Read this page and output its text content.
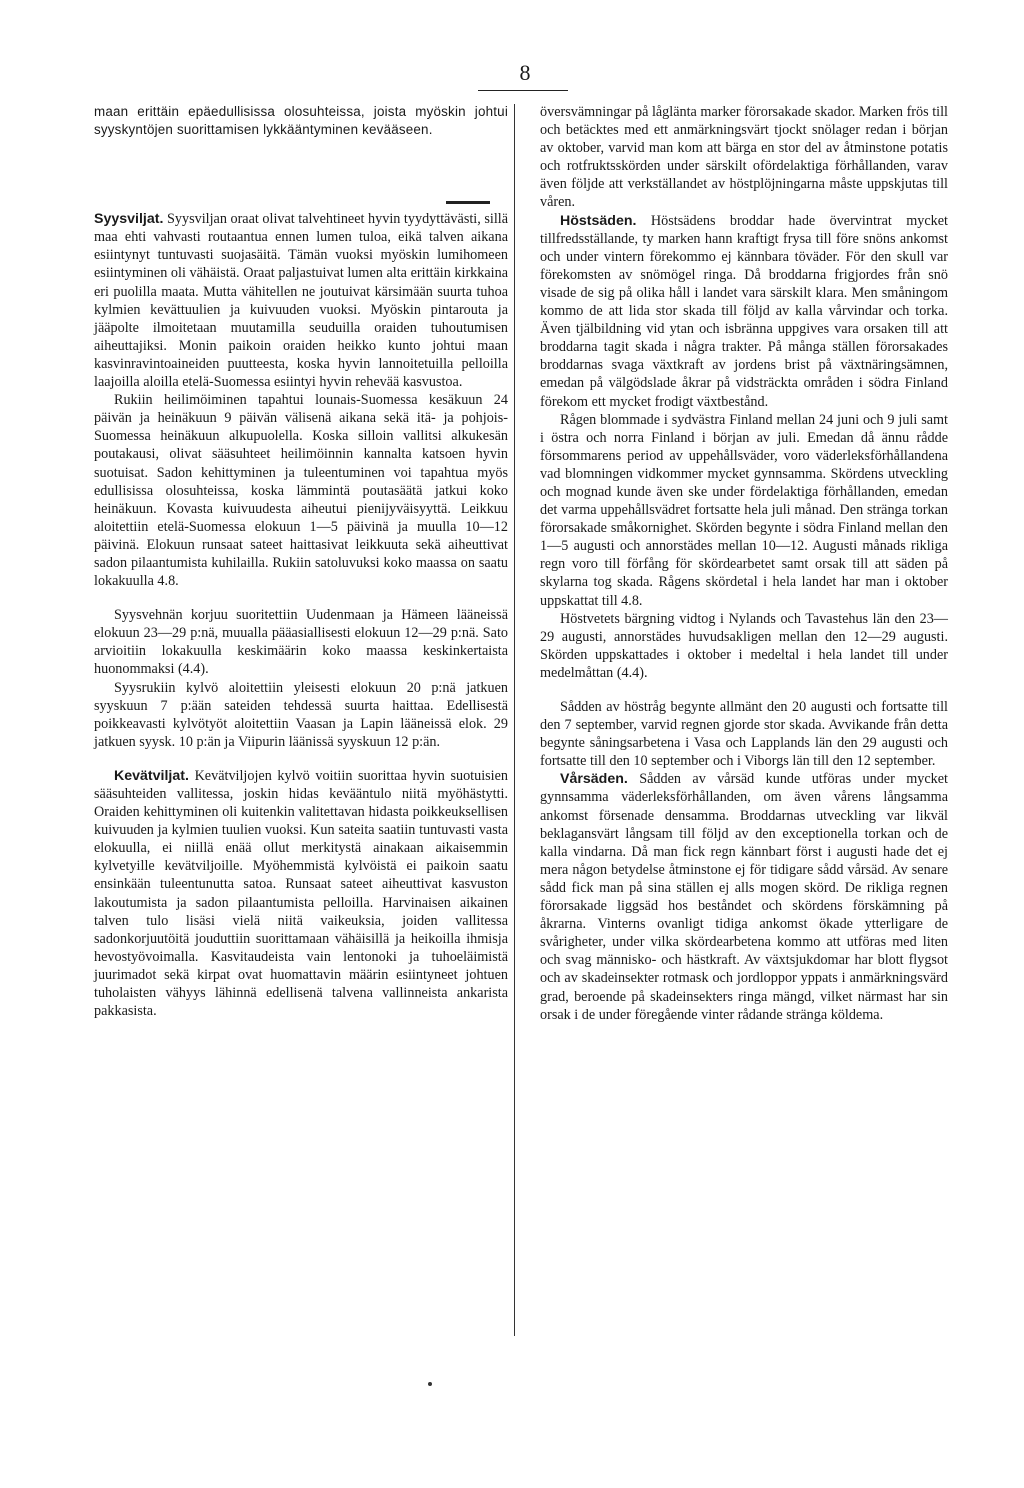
8

maan erittäin epäedullisissa olosuhteissa, joista myöskin johtui syyskyntöjen suorittamisen lykkääntyminen kevääseen.

Syysviljat. Syysviljan oraat olivat talvehtineet hyvin tyydyttävästi, sillä maa ehti vahvasti routaantua ennen lumen tuloa, eikä talven aikana esiintynyt tuntuvasti suojasäitä. Tämän vuoksi myöskin lumihomeen esiintyminen oli vähäistä. Oraat paljastuivat lumen alta erittäin kirkkaina eri puolilla maata. Mutta vähitellen ne joutuivat kärsimään suurta tuhoa kylmien kevättuulien ja kuivuuden vuoksi. Myöskin pintarouta ja jääpolte ilmoitetaan muutamilla seuduilla oraiden tuhoutumisen aiheuttajiksi. Monin paikoin oraiden heikko kunto johtui maan kasvinravintoaineiden puutteesta, koska hyvin lannoitetuilla pelloilla laajoilla aloilla etelä-Suomessa esiintyi hyvin rehevää kasvustoa.

Rukiin heilimöiminen tapahtui lounais-Suomessa kesäkuun 24 päivän ja heinäkuun 9 päivän välisenä aikana sekä itä- ja pohjois-Suomessa heinäkuun alkupuolella. Koska silloin vallitsi alkukesän poutakausi, olivat sääsuhteet heilimöinnin kannalta katsoen hyvin suotuisat. Sadon kehittyminen ja tuleentuminen voi tapahtua myös edullisissa olosuhteissa, koska lämmintä poutasäätä jatkui koko heinäkuun. Kovasta kuivuudesta aiheutui pienijyväisyyttä. Leikkuu aloitettiin etelä-Suomessa elokuun 1—5 päivinä ja muulla 10—12 päivinä. Elokuun runsaat sateet haittasivat leikkuuta sekä aiheuttivat sadon pilaantumista kuhilailla. Rukiin satoluvuksi koko maassa on saatu lokakuulla 4.8.

Syysvehnän korjuu suoritettiin Uudenmaan ja Hämeen lääneissä elokuun 23—29 p:nä, muualla pääasiallisesti elokuun 12—29 p:nä. Sato arvioitiin lokakuulla keskimäärin koko maassa keskinkertaista huonommaksi (4.4).

Syysrukiin kylvö aloitettiin yleisesti elokuun 20 p:nä jatkuen syyskuun 7 p:ään sateiden tehdessä suurta haittaa. Edellisestä poikkeavasti kylvötyöt aloitettiin Vaasan ja Lapin lääneissä elok. 29 jatkuen syysk. 10 p:än ja Viipurin läänissä syyskuun 12 p:än.

Kevätviljat. Kevätviljojen kylvö voitiin suorittaa hyvin suotuisien sääsuhteiden vallitessa, joskin hidas kevääntulo niitä myöhästytti. Oraiden kehittyminen oli kuitenkin valitettavan hidasta poikkeuksellisen kuivuuden ja kylmien tuulien vuoksi. Kun sateita saatiin tuntuvasti vasta elokuulla, ei niillä enää ollut merkitystä ainakaan aikaisemmin kylvetyille kevätviljoille. Myöhemmistä kylvöistä ei paikoin saatu ensinkään tuleentunutta satoa. Runsaat sateet aiheuttivat kasvuston lakoutumista ja sadon pilaantumista pelloilla. Harvinaisen aikainen talven tulo lisäsi vielä niitä vaikeuksia, joiden vallitessa sadonkorjuutöitä jouduttiin suorittamaan vähäisillä ja heikoilla ihmisja hevostyövoimalla. Kasvitaudeista vain lentonoki ja tuhoeläimistä juurimadot sekä kirpat ovat huomattavin määrin esiintyneet johtuen tuholaisten vähyys lähinnä edellisenä talvena vallinneista ankarista pakkasista.

översvämningar på låglänta marker förorsakade skador. Marken frös till och betäcktes med ett anmärkningsvärt tjockt snölager redan i början av oktober, varvid man kom att bärga en stor del av åtminstone potatis och rotfruktsskörden under särskilt ofördelaktiga förhållanden, varav även följde att verkställandet av höstplöjningarna måste uppskjutas till våren.

Höstsäden. Höstsädens broddar hade övervintrat mycket tillfredsställande, ty marken hann kraftigt frysa till före snöns ankomst och under vintern förekommo ej kännbara töväder. För den skull var förekomsten av snömögel ringa. Då broddarna frigjordes från snö visade de sig på olika håll i landet vara särskilt klara. Men småningom kommo de att lida stor skada till följd av kalla vårvindar och torka. Även tjälbildning vid ytan och isbränna uppgives vara orsaken till att broddarna tagit skada i några trakter. På många ställen förorsakades broddarnas svaga växtkraft av jordens brist på växtnäringsämnen, emedan på välgödslade åkrar på vidsträckta områden i södra Finland förekom ett mycket frodigt växtbestånd.

Rågen blommade i sydvästra Finland mellan 24 juni och 9 juli samt i östra och norra Finland i början av juli. Emedan då ännu rådde försommarens period av uppehållsväder, voro väderleksförhållandena vad blomningen vidkommer mycket gynnsamma. Skördens utveckling och mognad kunde även ske under fördelaktiga förhållanden, emedan det varma uppehållsvädret fortsatte hela juli månad. Den stränga torkan förorsakade småkornighet. Skörden begynte i södra Finland mellan den 1—5 augusti och annorstädes mellan 10—12. Augusti månads rikliga regn voro till förfång för skördearbetet samt orsak till att säden på skylarna tog skada. Rågens skördetal i hela landet har man i oktober uppskattat till 4.8.

Höstvetets bärgning vidtog i Nylands och Tavastehus län den 23—29 augusti, annorstädes huvudsakligen mellan den 12—29 augusti. Skörden uppskattades i oktober i medeltal i hela landet till under medelmåttan (4.4).

Sådden av höstråg begynte allmänt den 20 augusti och fortsatte till den 7 september, varvid regnen gjorde stor skada. Avvikande från detta begynte såningsarbetena i Vasa och Lapplands län den 29 augusti och fortsatte till den 10 september och i Viborgs län till den 12 september.

Vårsäden. Sådden av vårsäd kunde utföras under mycket gynnsamma väderleksförhållanden, om även vårens långsamma ankomst försenade densamma. Broddarnas utveckling var likväl beklagansvärt långsam till följd av den exceptionella torkan och de kalla vindarna. Då man fick regn kännbart först i augusti hade det ej mera någon betydelse åtminstone ej för tidigare sådd vårsäd. Av senare sådd fick man på sina ställen ej alls mogen skörd. De rikliga regnen förorsakade liggsäd hos beståndet och skördens förskämning på åkrarna. Vinterns ovanligt tidiga ankomst ökade ytterligare de svårigheter, under vilka skördearbetena kommo att utföras med liten och svag människo- och hästkraft. Av växtsjukdomar har blott flygsot och av skadeinsekter rotmask och jordloppor yppats i anmärkningsvärd grad, beroende på skadeinsekters ringa mängd, vilket närmast har sin orsak i de under föregående vinter rådande stränga köldema.
